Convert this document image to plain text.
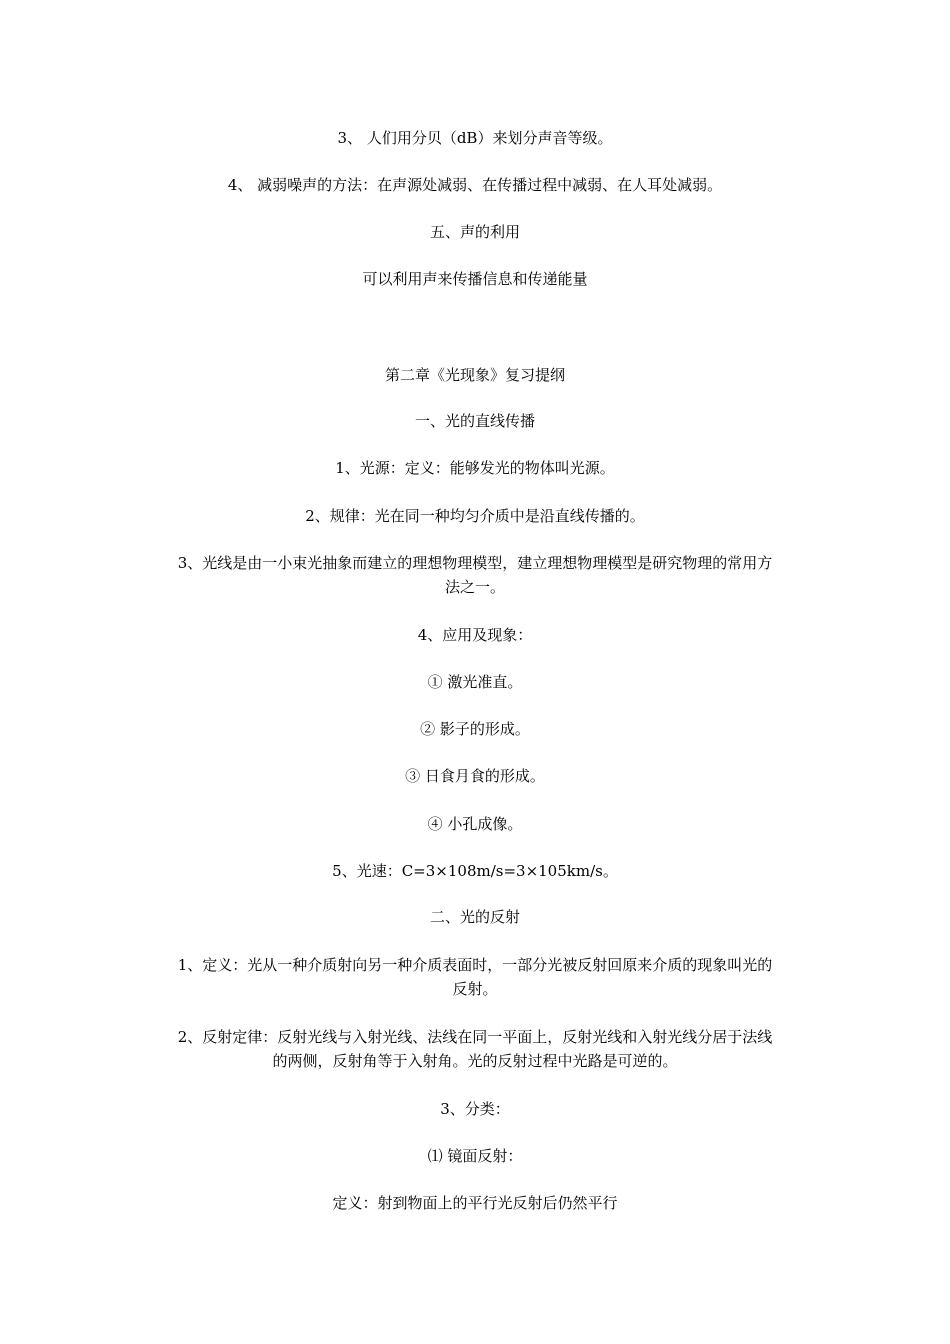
3、 人们用分贝（dB）来划分声音等级。
4、 减弱噪声的方法：在声源处减弱、在传播过程中减弱、在人耳处减弱。
五、声的利用
可以利用声来传播信息和传递能量
第二章《光现象》复习提纲
一、光的直线传播
1、光源：定义：能够发光的物体叫光源。
2、规律：光在同一种均匀介质中是沿直线传播的。
3、光线是由一小束光抽象而建立的理想物理模型，建立理想物理模型是研究物理的常用方
法之一。
4、应用及现象：
① 激光准直。
② 影子的形成。
③ 日食月食的形成。
④ 小孔成像。
5、光速：C=3×108m/s=3×105km/s。
二、光的反射
1、定义：光从一种介质射向另一种介质表面时，一部分光被反射回原来介质的现象叫光的
反射。
2、反射定律：反射光线与入射光线、法线在同一平面上，反射光线和入射光线分居于法线
的两侧，反射角等于入射角。光的反射过程中光路是可逆的。
3、分类：
⑴ 镜面反射：
定义：射到物面上的平行光反射后仍然平行
